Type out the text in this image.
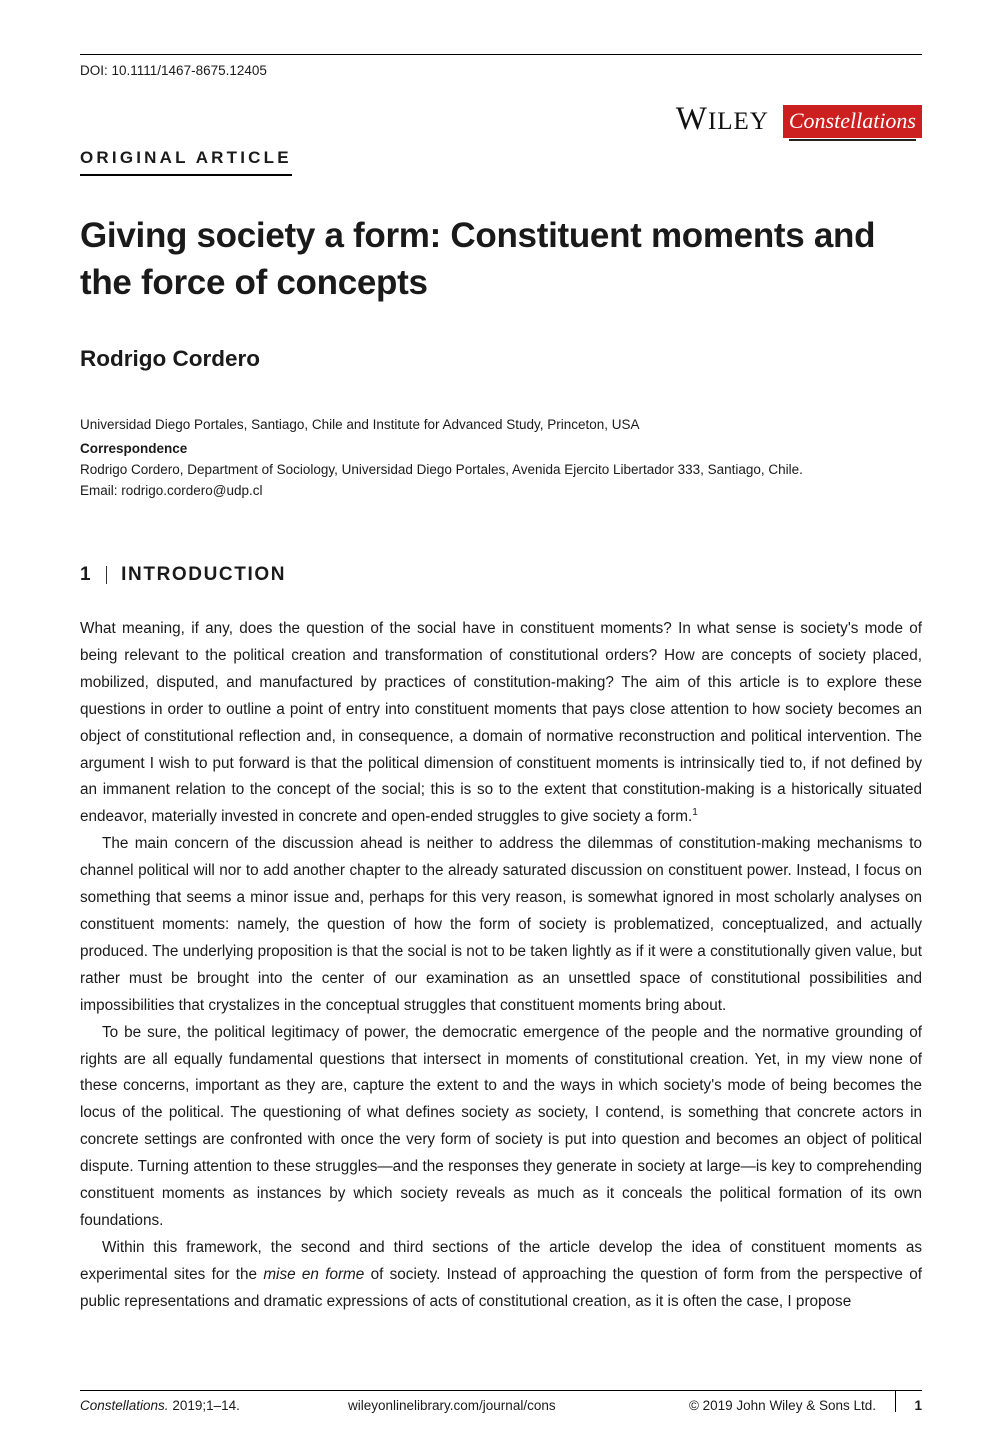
DOI: 10.1111/1467-8675.12405
WILEY Constellations
ORIGINAL ARTICLE
Giving society a form: Constituent moments and the force of concepts
Rodrigo Cordero
Universidad Diego Portales, Santiago, Chile and Institute for Advanced Study, Princeton, USA
Correspondence
Rodrigo Cordero, Department of Sociology, Universidad Diego Portales, Avenida Ejercito Libertador 333, Santiago, Chile.
Email: rodrigo.cordero@udp.cl
1 INTRODUCTION

What meaning, if any, does the question of the social have in constituent moments? In what sense is society's mode of being relevant to the political creation and transformation of constitutional orders? How are concepts of society placed, mobilized, disputed, and manufactured by practices of constitution-making? The aim of this article is to explore these questions in order to outline a point of entry into constituent moments that pays close attention to how society becomes an object of constitutional reflection and, in consequence, a domain of normative reconstruction and political intervention. The argument I wish to put forward is that the political dimension of constituent moments is intrinsically tied to, if not defined by an immanent relation to the concept of the social; this is so to the extent that constitution-making is a historically situated endeavor, materially invested in concrete and open-ended struggles to give society a form.$^1$

The main concern of the discussion ahead is neither to address the dilemmas of constitution-making mechanisms to channel political will nor to add another chapter to the already saturated discussion on constituent power. Instead, I focus on something that seems a minor issue and, perhaps for this very reason, is somewhat ignored in most scholarly analyses on constituent moments: namely, the question of how the form of society is problematized, conceptualized, and actually produced. The underlying proposition is that the social is not to be taken lightly as if it were a constitutionally given value, but rather must be brought into the center of our examination as an unsettled space of constitutional possibilities and impossibilities that crystalizes in the conceptual struggles that constituent moments bring about.

To be sure, the political legitimacy of power, the democratic emergence of the people and the normative grounding of rights are all equally fundamental questions that intersect in moments of constitutional creation. Yet, in my view none of these concerns, important as they are, capture the extent to and the ways in which society's mode of being becomes the locus of the political. The questioning of what defines society as society, I contend, is something that concrete actors in concrete settings are confronted with once the very form of society is put into question and becomes an object of political dispute. Turning attention to these struggles—and the responses they generate in society at large—is key to comprehending constituent moments as instances by which society reveals as much as it conceals the political formation of its own foundations.

Within this framework, the second and third sections of the article develop the idea of constituent moments as experimental sites for the mise en forme of society. Instead of approaching the question of form from the perspective of public representations and dramatic expressions of acts of constitutional creation, as it is often the case, I propose

Constellations. 2019;1–14.	wileyonlinelibrary.com/journal/cons	© 2019 John Wiley & Sons Ltd.	1
